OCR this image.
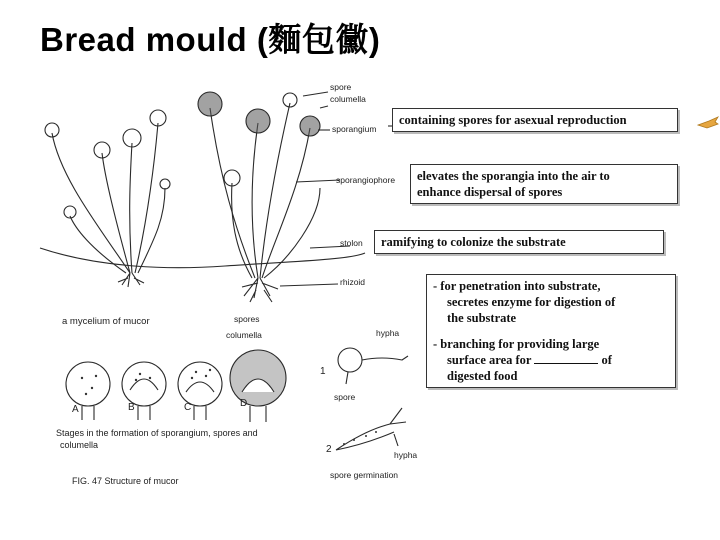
Bread mould (麵包黴)
spore
columella
sporangium
sporangiophore
stolon
rhizoid
a mycelium of mucor	spores
columella	hypha
A	B	C	D
1
spore
2	hypha
spore germination
Stages in the formation of sporangium, spores and
columella
FIG. 47 Structure of mucor
containing spores for asexual reproduction
elevates the sporangia into the air to
enhance dispersal of spores
ramifying to colonize the substrate
- for penetration into substrate,
secretes enzyme for digestion of
the substrate
- branching for providing large
surface area for	of
digested food
